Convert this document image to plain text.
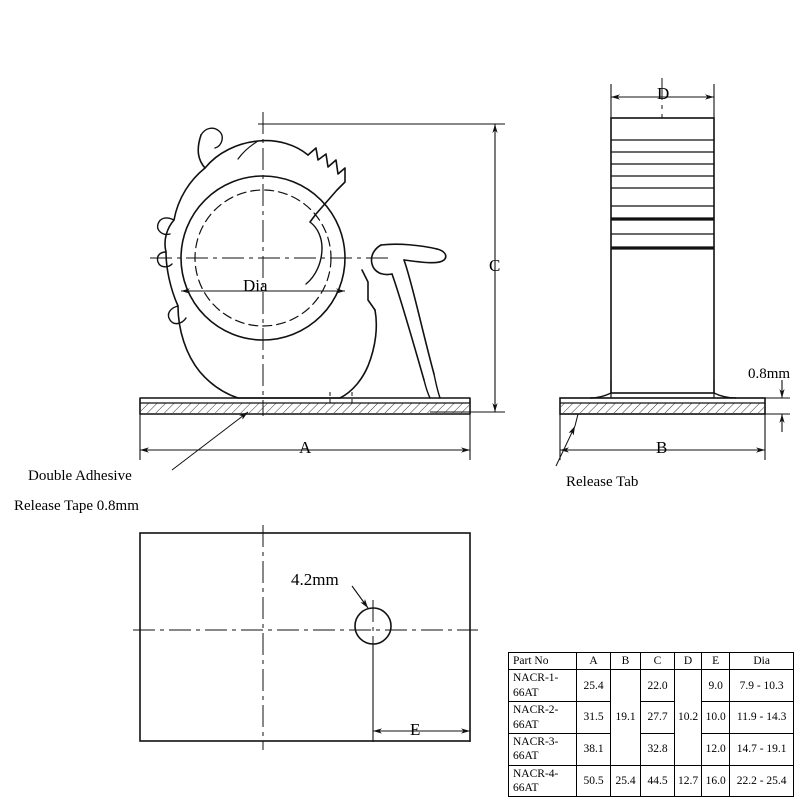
Dia
A
C
D
B
E
0.8mm
4.2mm
Double Adhesive
Release Tape 0.8mm
Release Tab
Part No	A	B	C	D	E	Dia
NACR-1-66AT	25.4	19.1	22.0	10.2	9.0	7.9 - 10.3
NACR-2-66AT	31.5		27.7		10.0	11.9 - 14.3
NACR-3-66AT	38.1		32.8		12.0	14.7 - 19.1
NACR-4-66AT	50.5	25.4	44.5	12.7	16.0	22.2 - 25.4
